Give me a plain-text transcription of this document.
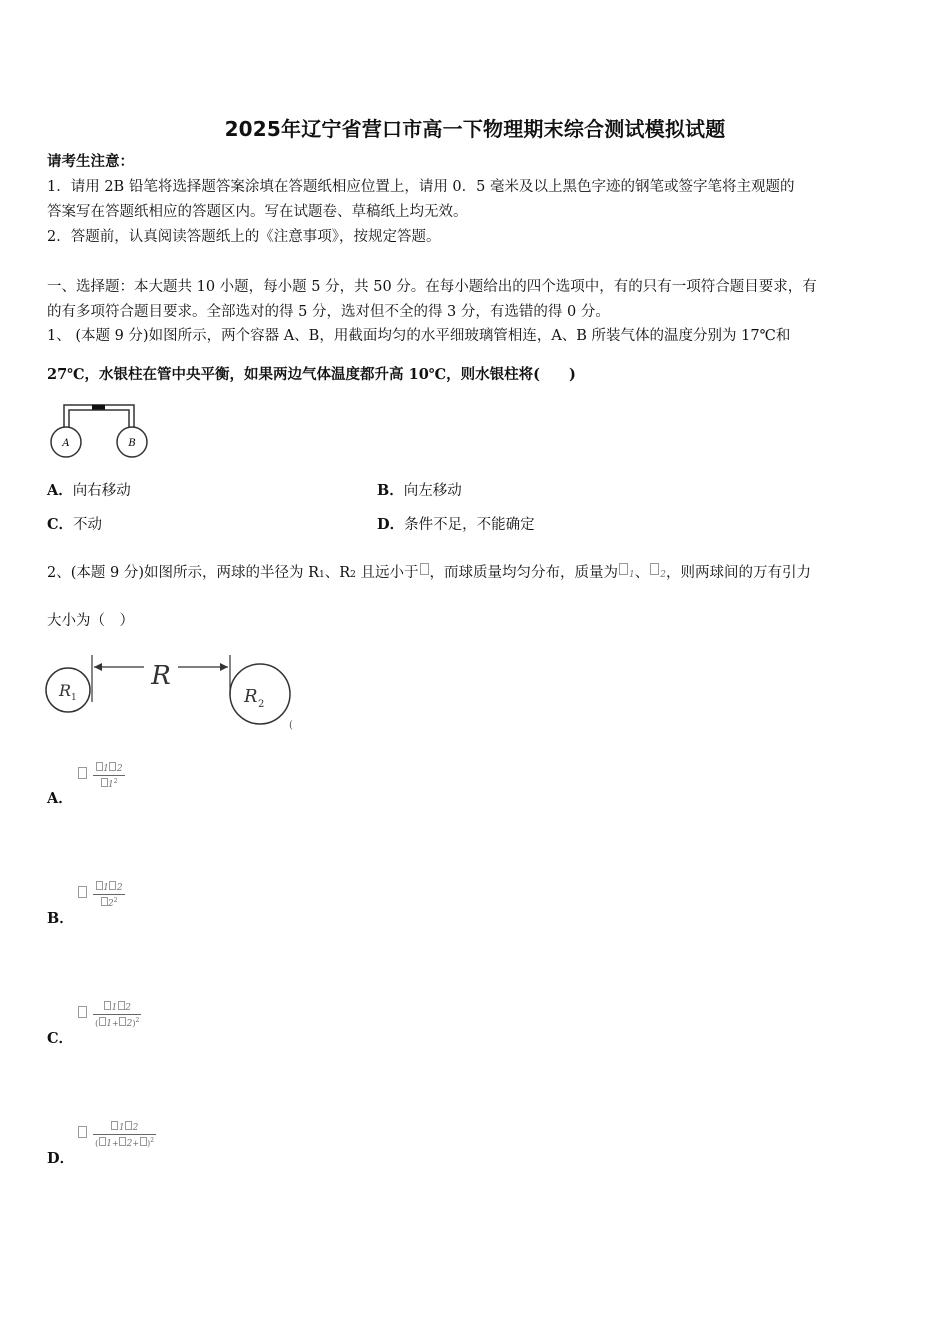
2025年辽宁省营口市高一下物理期末综合测试模拟试题
请考生注意：
1．请用 2B 铅笔将选择题答案涂填在答题纸相应位置上，请用 0．5 毫米及以上黑色字迹的钢笔或签字笔将主观题的
答案写在答题纸相应的答题区内。写在试题卷、草稿纸上均无效。
2．答题前，认真阅读答题纸上的《注意事项》，按规定答题。
一、选择题：本大题共 10 小题，每小题 5 分，共 50 分。在每小题给出的四个选项中，有的只有一项符合题目要求，有
的有多项符合题目要求。全部选对的得 5 分，选对但不全的得 3 分，有选错的得 0 分。
1、 (本题 9 分)如图所示，两个容器 A、B，用截面均匀的水平细玻璃管相连，A、B 所装气体的温度分别为 17℃和
27℃，水银柱在管中央平衡，如果两边气体温度都升高 10℃，则水银柱将(　　)
A	B
A．向右移动	B．向左移动
C．不动	D．条件不足，不能确定
2、(本题 9 分)如图所示，两球的半径为 R1、R2 且远小于 ，而球质量均匀分布，质量为 1、 2，则两球间的万有引力
大小为（　）
R
R 1	R 2
(

$\frac{1 2}{1^2}$
A．

$\frac{1 2}{2^2}$
B．

$\frac{1 2}{( 1+ 2)^2}$
C．

$\frac{1 2}{( 1+ 2+ )^2}$
D．
